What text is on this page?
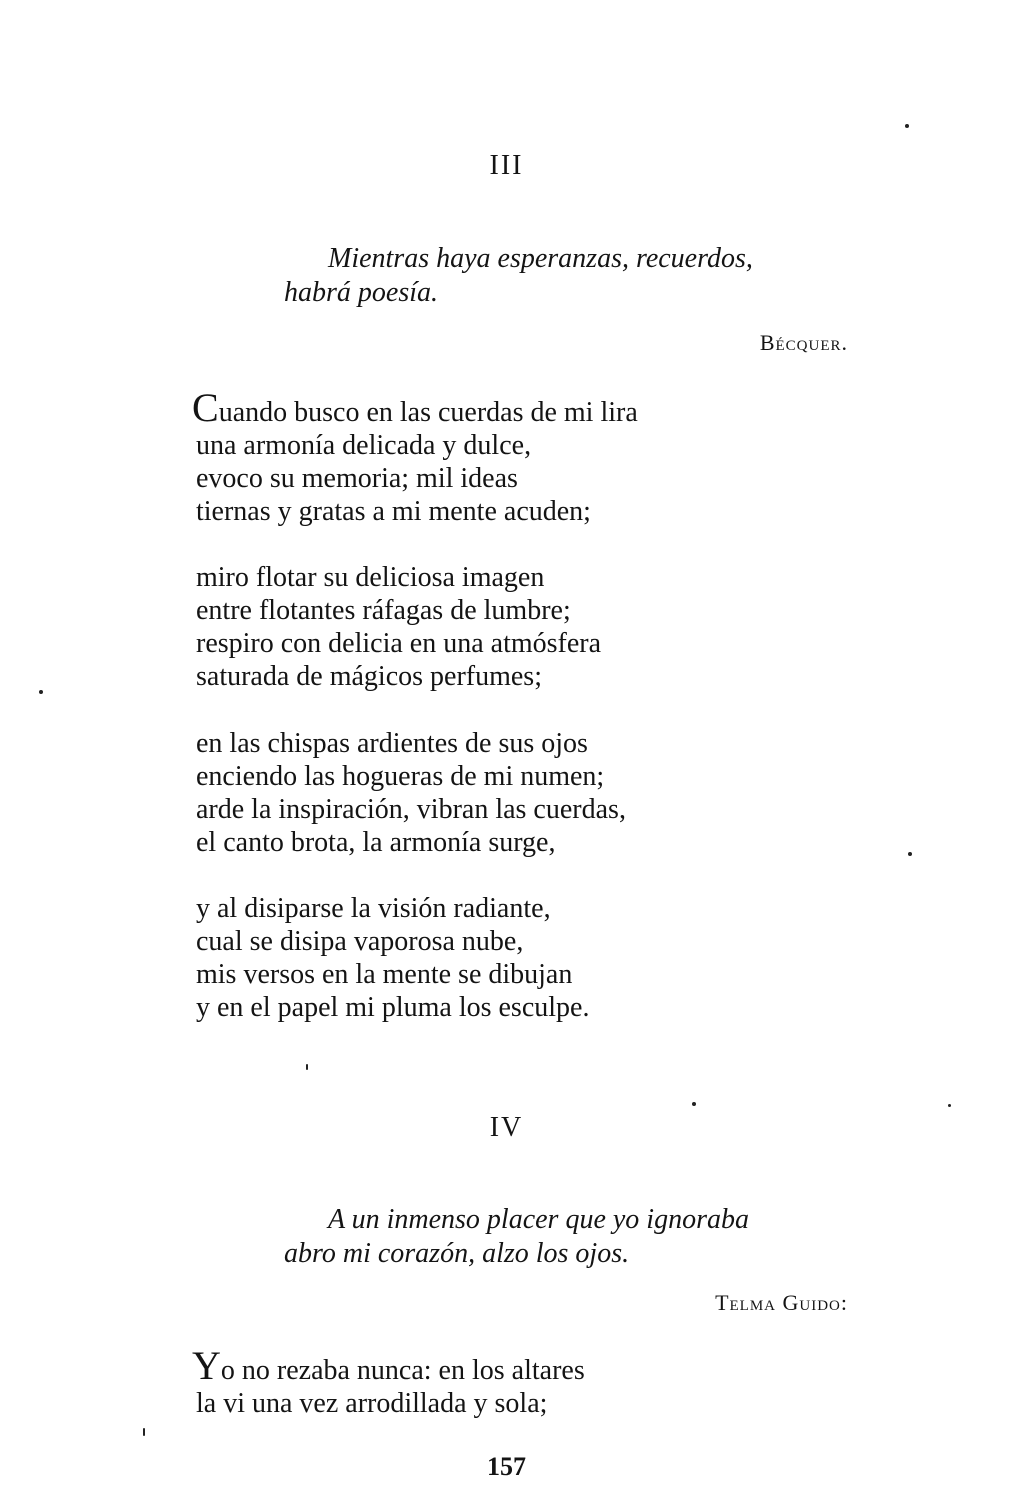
III
Mientras haya esperanzas, recuerdos,
habrá poesía.
Bécquer.
Cuando busco en las cuerdas de mi lira
una armonía delicada y dulce,
evoco su memoria; mil ideas
tiernas y gratas a mi mente acuden;
miro flotar su deliciosa imagen
entre flotantes ráfagas de lumbre;
respiro con delicia en una atmósfera
saturada de mágicos perfumes;
en las chispas ardientes de sus ojos
enciendo las hogueras de mi numen;
arde la inspiración, vibran las cuerdas,
el canto brota, la armonía surge,
y al disiparse la visión radiante,
cual se disipa vaporosa nube,
mis versos en la mente se dibujan
y en el papel mi pluma los esculpe.
IV
A un inmenso placer que yo ignoraba
abro mi corazón, alzo los ojos.
Telma Guido:
Yo no rezaba nunca: en los altares
la vi una vez arrodillada y sola;
157
